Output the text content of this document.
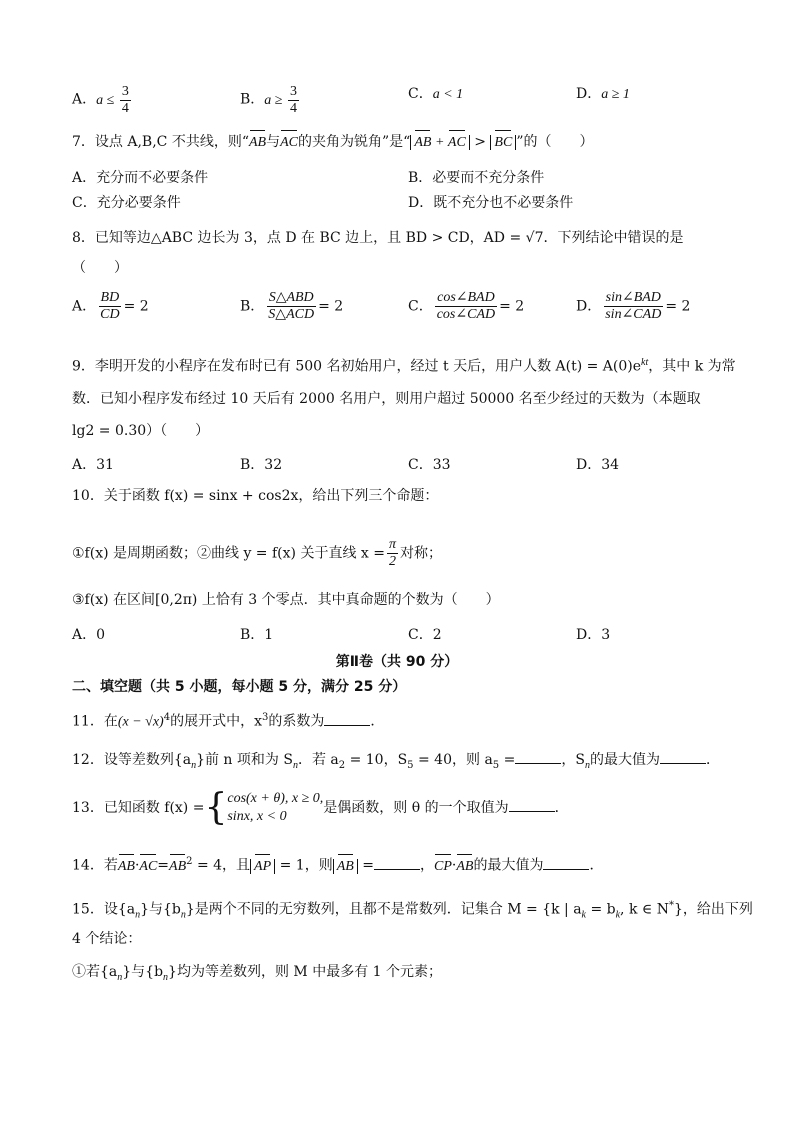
A．$a \le \frac{3}{4}$	B．$a \ge \frac{3}{4}$	C．a < 1	D．a ≥ 1
7．设点 A,B,C 不共线，则“AB与AC的夹角为锐角”是“ AB + AC > BC ”的（　　）
A．充分而不必要条件	B．必要而不充分条件
C．充分必要条件	D．既不充分也不必要条件
8．已知等边△ABC 边长为 3，点 D 在 BC 边上，且 BD > CD，AD = √7．下列结论中错误的是
（　　）
A． $\frac{BD}{CD} = 2$	B． $\frac{\text{S△ABD}}{\text{S△ACD}} = 2$	C． $\frac{\text{cos∠BAD}}{\text{cos∠CAD}} = 2$	D． $\frac{\text{sin∠BAD}}{\text{sin∠CAD}} = 2$
9．李明开发的小程序在发布时已有 500 名初始用户，经过 t 天后，用户人数 $A(t) = A(0)e^{kt}$，其中 k 为常
数．已知小程序发布经过 10 天后有 2000 名用户，则用户超过 50000 名至少经过的天数为（本题取
lg2 = 0.30）（　　）
A．31	B．32	C．33	D．34
10．关于函数 f(x) = sinx + cos2x，给出下列三个命题：
①f(x) 是周期函数；②曲线 y = f(x) 关于直线 $x = \frac{\pi}{2}$ 对称；
③f(x) 在区间[0,2π) 上恰有 3 个零点．其中真命题的个数为（　　）
A．0	B．1	C．2	D．3
第Ⅱ卷（共 90 分）
二、填空题（共 5 小题，每小题 5 分，满分 25 分）
11．在$(x - √x)^4$的展开式中，$x^3$的系数为	．
12．设等差数列$\{a_n\}$前 n 项和为 $S_n$．若 $a_2 = 10$，$S_5 = 40$，则 $a_5$ =	，$S_n$的最大值为	．
13．已知函数 f(x) = { cos(x + θ), x ≥ 0,
sinx, x < 0
是偶函数，则 θ 的一个取值为	．
14．若$AB\cdot AC=AB^2 = 4$，且 AP = 1，则 AB =	，CP·AB的最大值为	．
15．设$\{a_n\}$与$\{b_n\}$是两个不同的无穷数列，且都不是常数列．记集合 M = {k | $a_k = b_k$, k ∈ N*}，给出下列
4 个结论：
①若$\{a_n\}$与$\{b_n\}$均为等差数列，则 M 中最多有 1 个元素；
